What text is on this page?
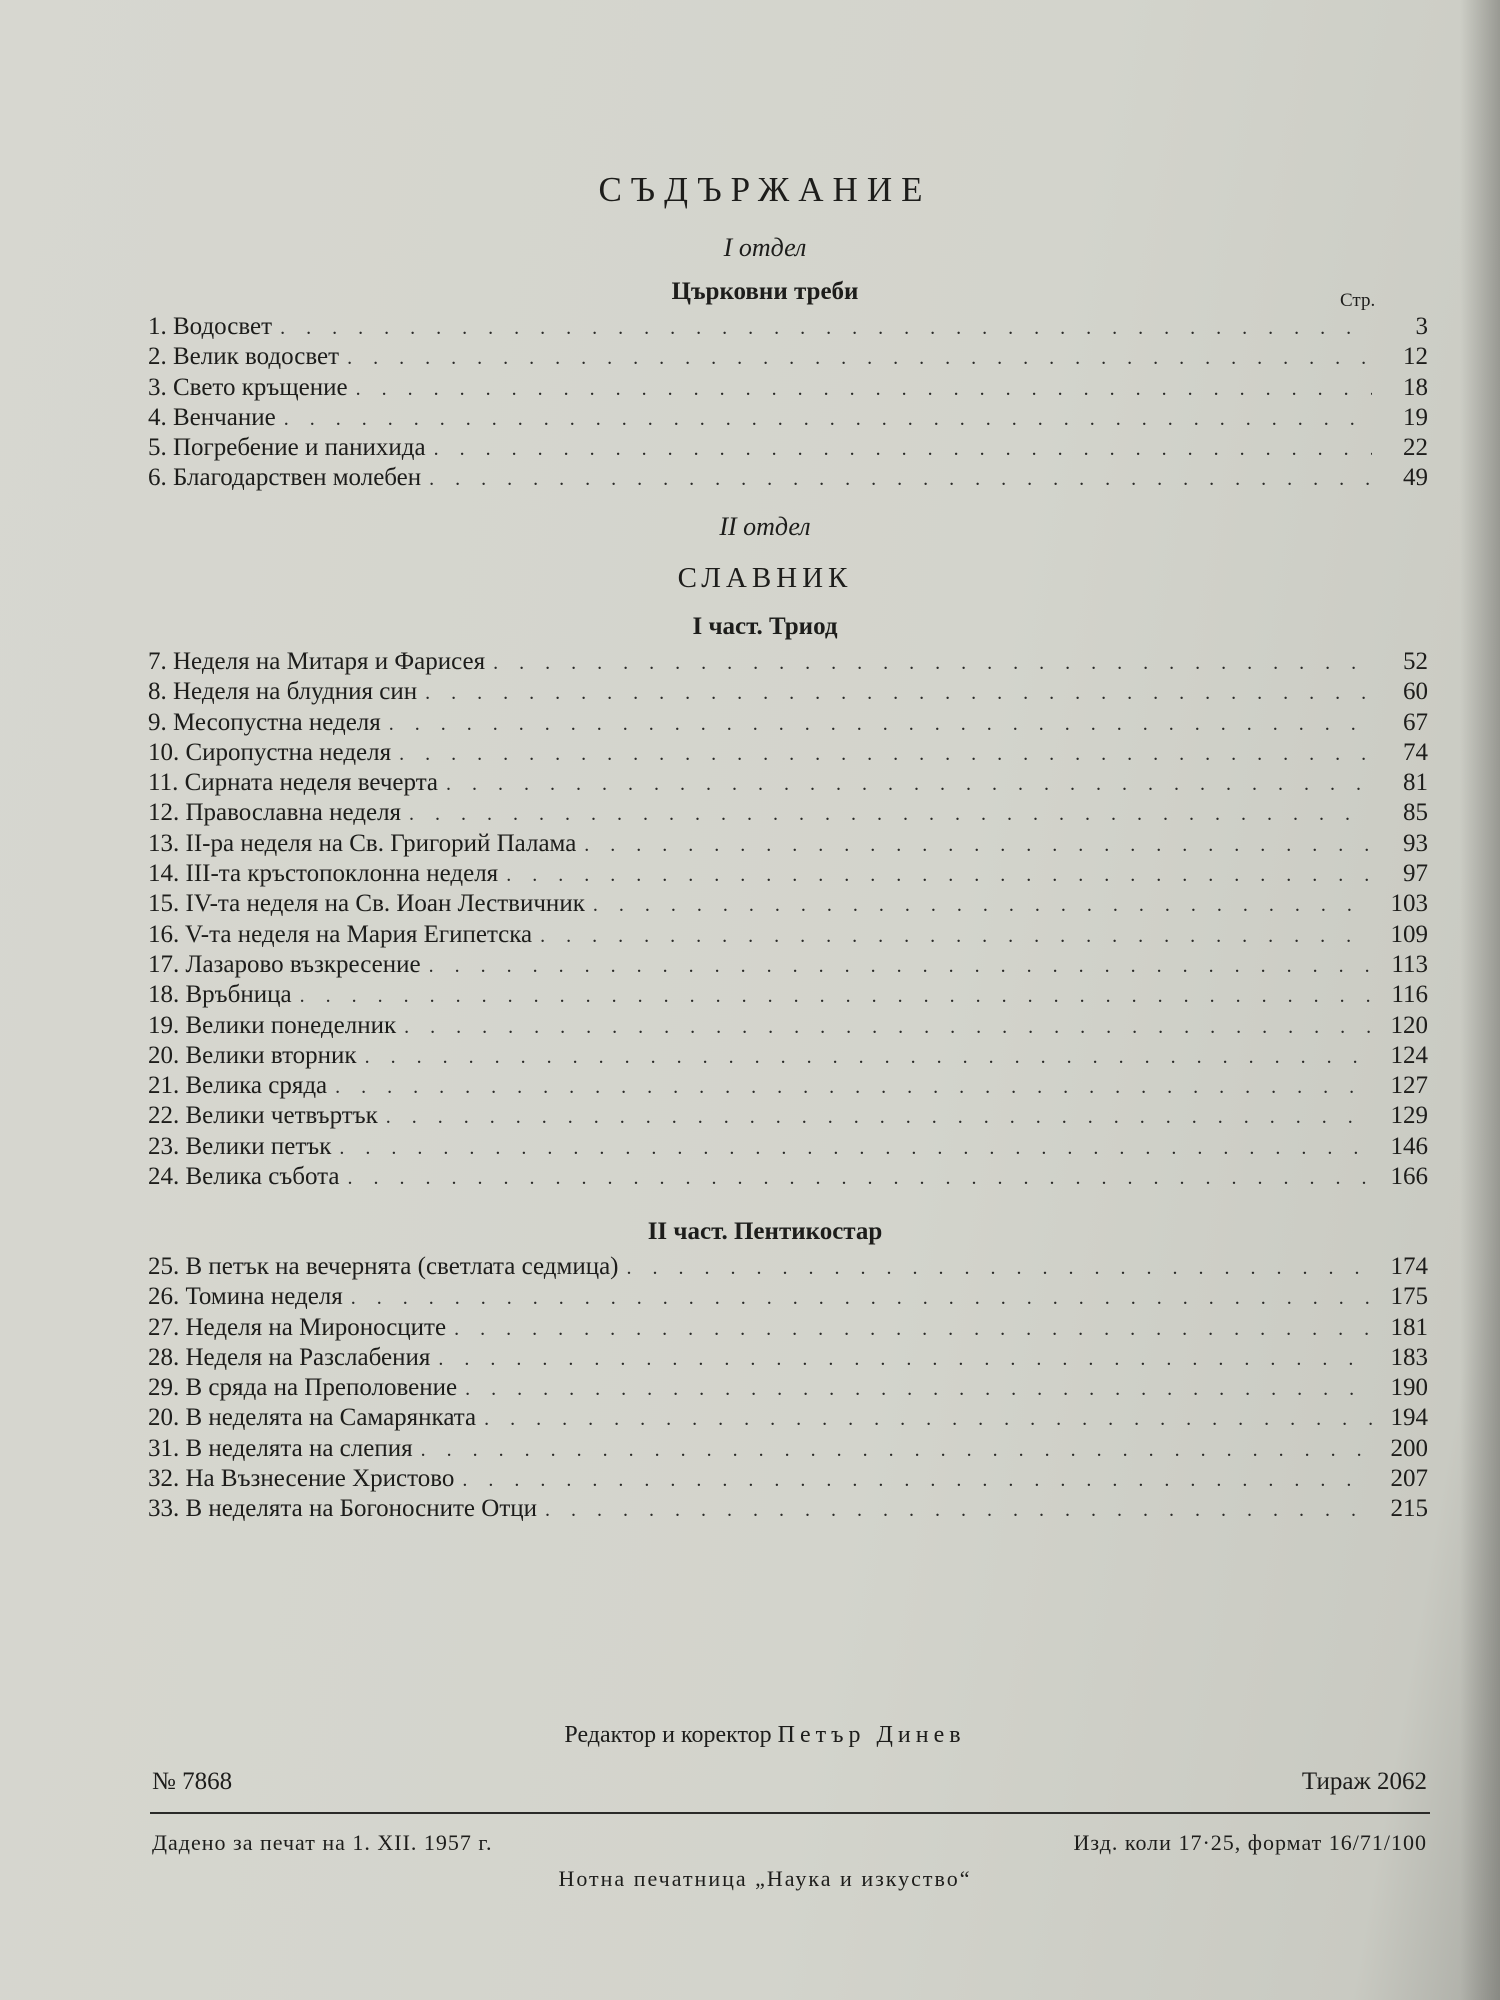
СЪДЪРЖАНИЕ
I отдел
Църковни треби	Стр.
1. Водосвет . . .	3
2. Велик водосвет . . .	12
3. Свето кръщение . . .	18
4. Венчание . . .	19
5. Погребение и панихида . . .	22
6. Благодарствен молебен . . .	49
II отдел
СЛАВНИК
I част. Триод
7. Неделя на Митаря и Фарисея . . .	52
8. Неделя на блудния син . . .	60
9. Месопустна неделя . . .	67
10. Сиропустна неделя . . .	74
11. Сирната неделя вечерта . . .	81
12. Православна неделя . . .	85
13. II-ра неделя на Св. Григорий Палама . . .	93
14. III-та кръстопоклонна неделя . . .	97
15. IV-та неделя на Св. Иоан Лествичник . . .	103
16. V-та неделя на Мария Египетска . . .	109
17. Лазарово възкресение . . .	113
18. Връбница . . .	116
19. Велики понеделник . . .	120
20. Велики вторник . . .	124
21. Велика сряда . . .	127
22. Велики четвъртък . . .	129
23. Велики петък . . .	146
24. Велика събота . . .	166
II част. Пентикостар
25. В петък на вечернята (светлата седмица) . . .	174
26. Томина неделя . . .	175
27. Неделя на Мироносците . . .	181
28. Неделя на Разслабения . . .	183
29. В сряда на Преполовение . . .	190
20. В неделята на Самарянката . . .	194
31. В неделята на слепия . . .	200
32. На Възнесение Христово . . .	207
33. В неделята на Богоносните Отци . . .	215
Редактор и коректор Петър Динев
№ 7868	Тираж 2062
Дадено за печат на 1. XII. 1957 г.	Изд. коли 17·25, формат 16/71/100
Нотна печатница „Наука и изкуство“
